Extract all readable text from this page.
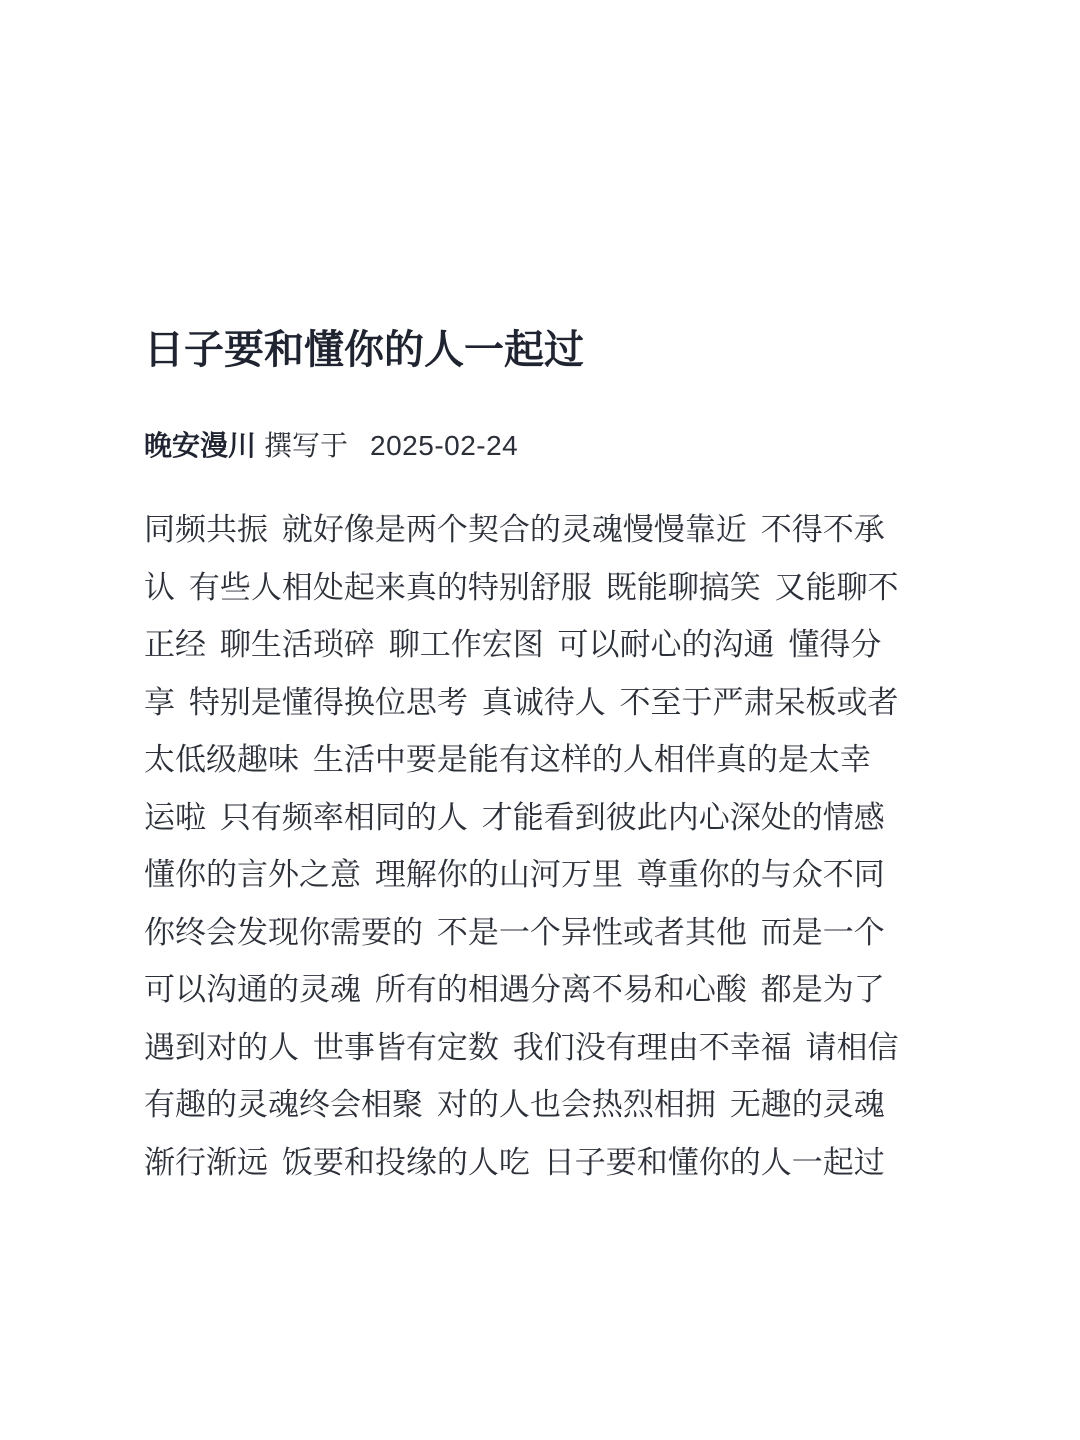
日子要和懂你的人一起过
晚安漫川 撰写于 2025-02-24
同频共振 就好像是两个契合的灵魂慢慢靠近 不得不承
认 有些人相处起来真的特别舒服 既能聊搞笑 又能聊不
正经 聊生活琐碎 聊工作宏图 可以耐心的沟通 懂得分
享 特别是懂得换位思考 真诚待人 不至于严肃呆板或者
太低级趣味 生活中要是能有这样的人相伴真的是太幸
运啦 只有频率相同的人 才能看到彼此内心深处的情感
懂你的言外之意 理解你的山河万里 尊重你的与众不同
你终会发现你需要的 不是一个异性或者其他 而是一个
可以沟通的灵魂 所有的相遇分离不易和心酸 都是为了
遇到对的人 世事皆有定数 我们没有理由不幸福 请相信
有趣的灵魂终会相聚 对的人也会热烈相拥 无趣的灵魂
渐行渐远 饭要和投缘的人吃 日子要和懂你的人一起过
